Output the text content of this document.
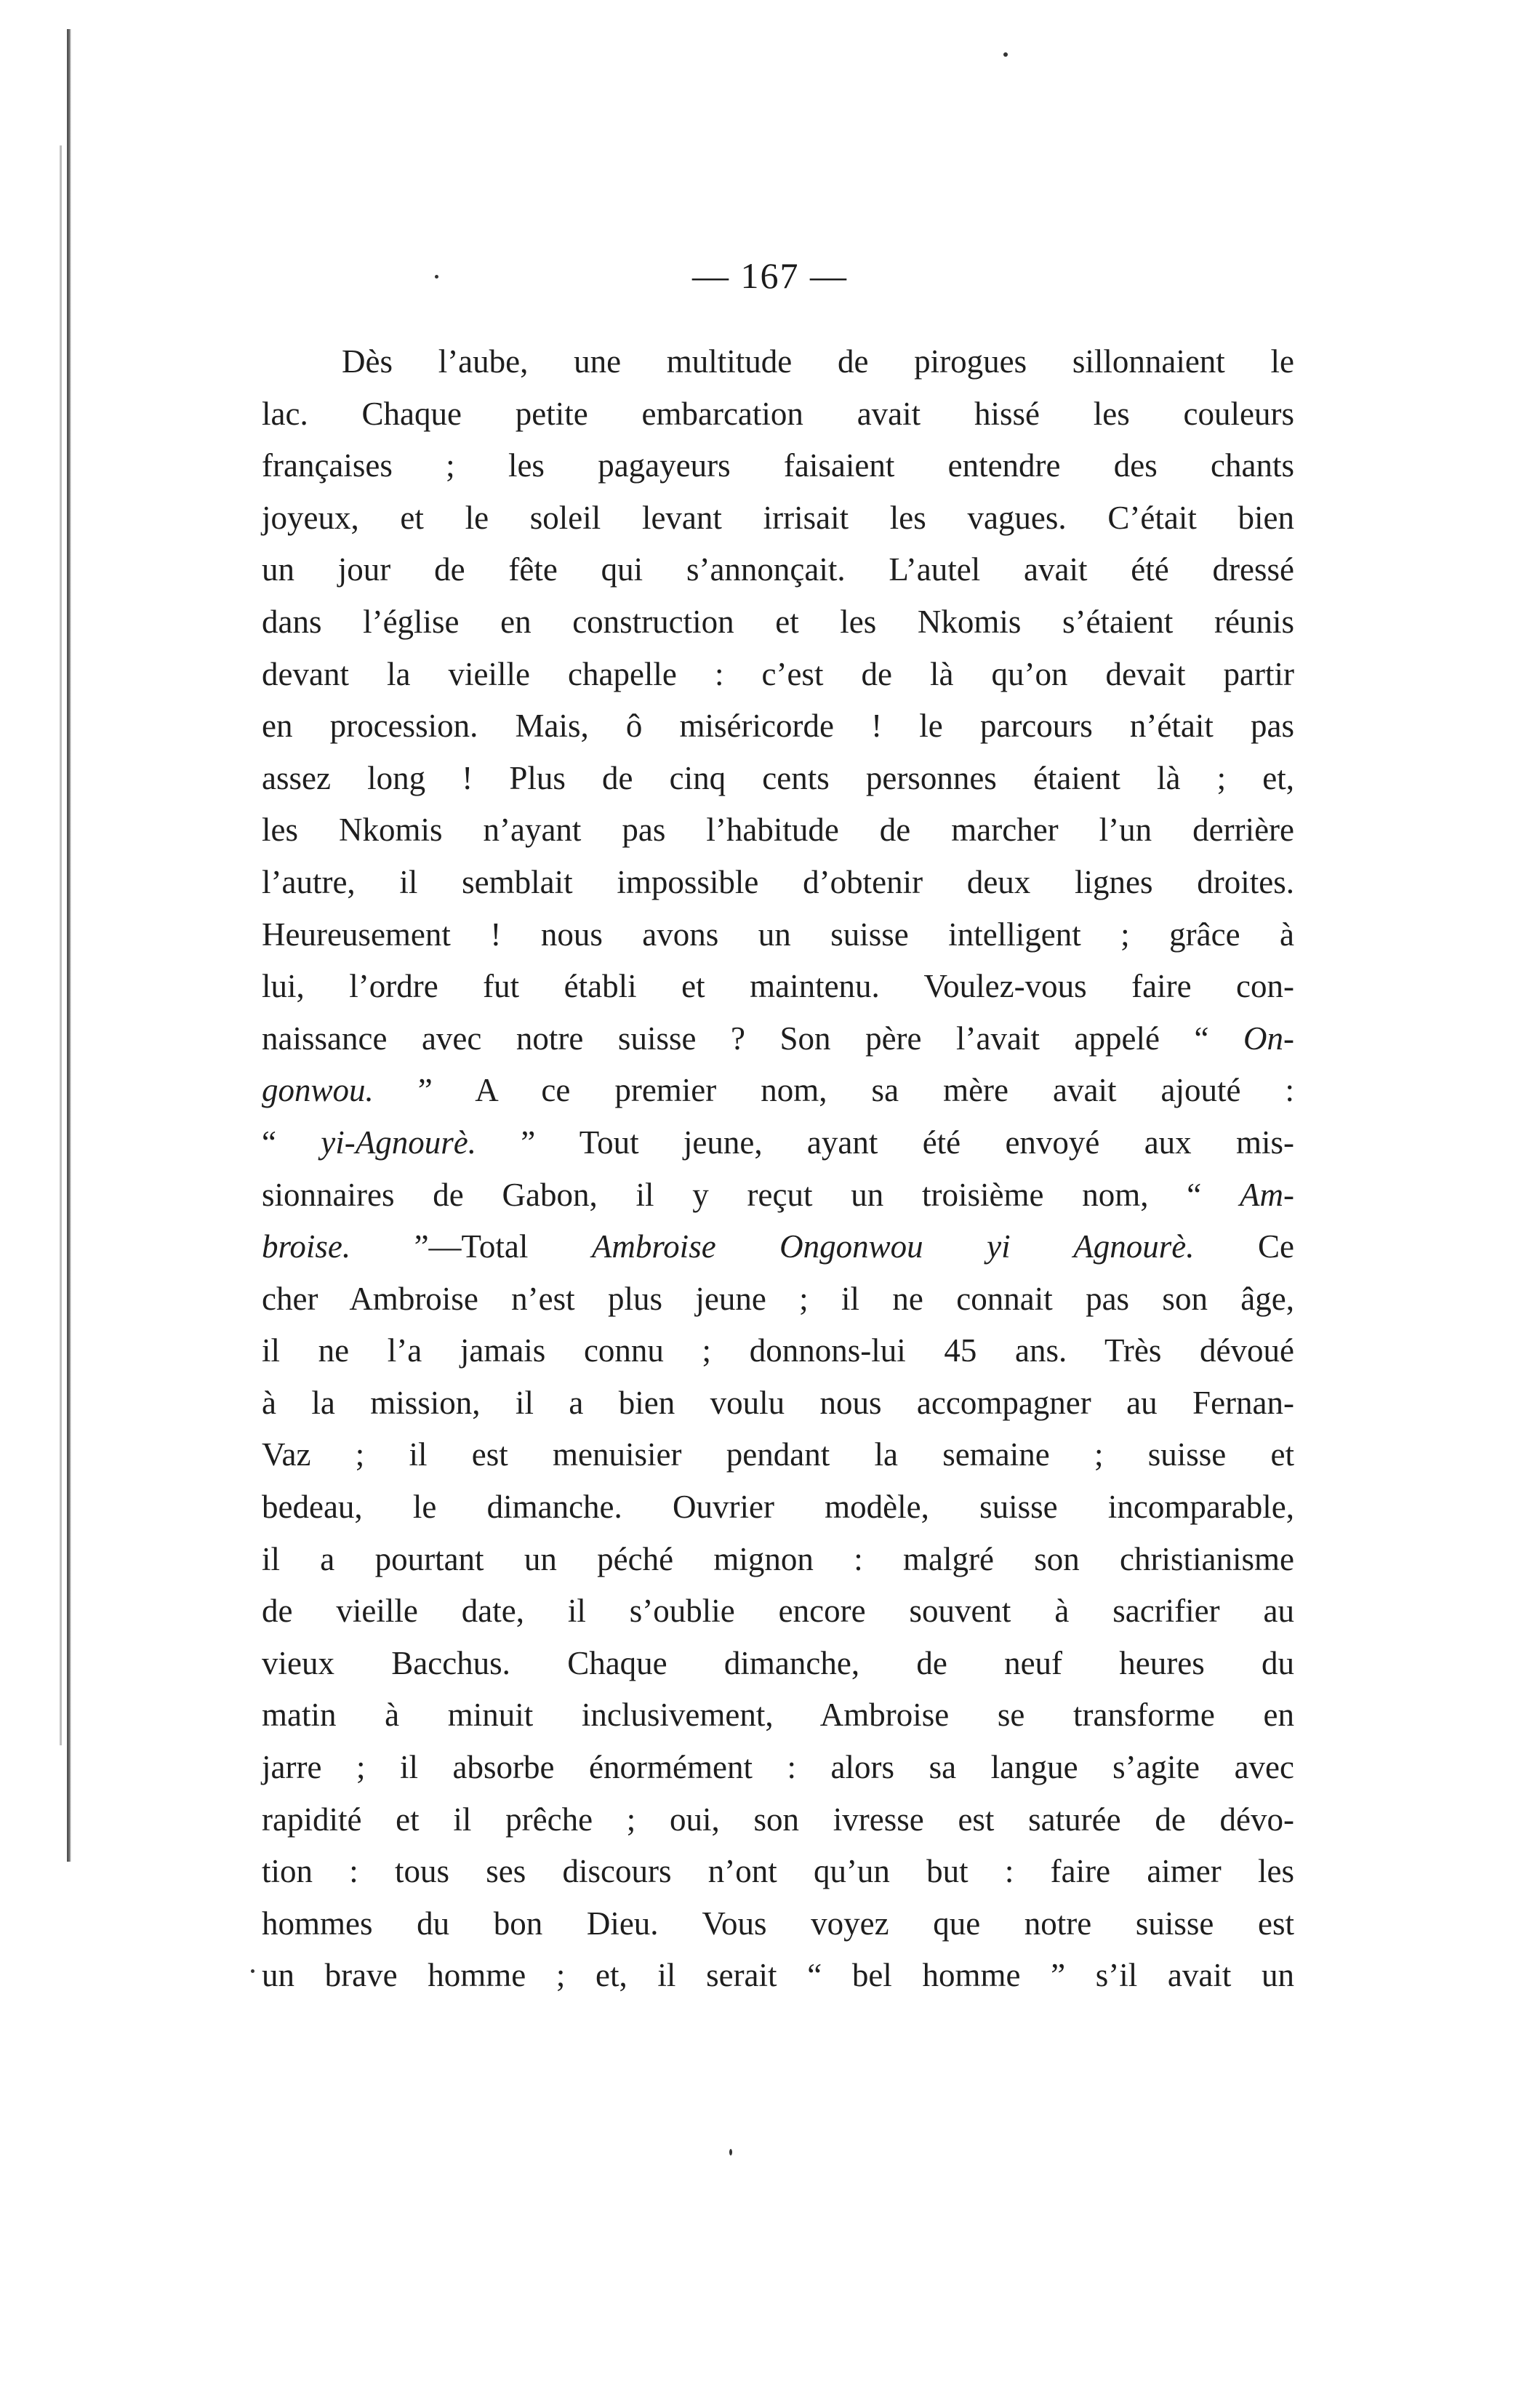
— 167 —
Dès l’aube, une multitude de pirogues sillonnaient le
lac. Chaque petite embarcation avait hissé les couleurs
françaises ; les pagayeurs faisaient entendre des chants
joyeux, et le soleil levant irrisait les vagues. C’était bien
un jour de fête qui s’annonçait. L’autel avait été dressé
dans l’église en construction et les Nkomis s’étaient réunis
devant la vieille chapelle : c’est de là qu’on devait partir
en procession. Mais, ô miséricorde ! le parcours n’était pas
assez long ! Plus de cinq cents personnes étaient là ; et,
les Nkomis n’ayant pas l’habitude de marcher l’un derrière
l’autre, il semblait impossible d’obtenir deux lignes droites.
Heureusement ! nous avons un suisse intelligent ; grâce à
lui, l’ordre fut établi et maintenu. Voulez-vous faire con-
naissance avec notre suisse ? Son père l’avait appelé “ On-
gonwou. ” A ce premier nom, sa mère avait ajouté :
“ yi-Agnourè. ” Tout jeune, ayant été envoyé aux mis-
sionnaires de Gabon, il y reçut un troisième nom, “ Am-
broise. ”—Total Ambroise Ongonwou yi Agnourè. Ce
cher Ambroise n’est plus jeune ; il ne connait pas son âge,
il ne l’a jamais connu ; donnons-lui 45 ans. Très dévoué
à la mission, il a bien voulu nous accompagner au Fernan-
Vaz ; il est menuisier pendant la semaine ; suisse et
bedeau, le dimanche. Ouvrier modèle, suisse incomparable,
il a pourtant un péché mignon : malgré son christianisme
de vieille date, il s’oublie encore souvent à sacrifier au
vieux Bacchus. Chaque dimanche, de neuf heures du
matin à minuit inclusivement, Ambroise se transforme en
jarre ; il absorbe énormément : alors sa langue s’agite avec
rapidité et il prêche ; oui, son ivresse est saturée de dévo-
tion : tous ses discours n’ont qu’un but : faire aimer les
hommes du bon Dieu. Vous voyez que notre suisse est
un brave homme ; et, il serait “ bel homme ” s’il avait un
